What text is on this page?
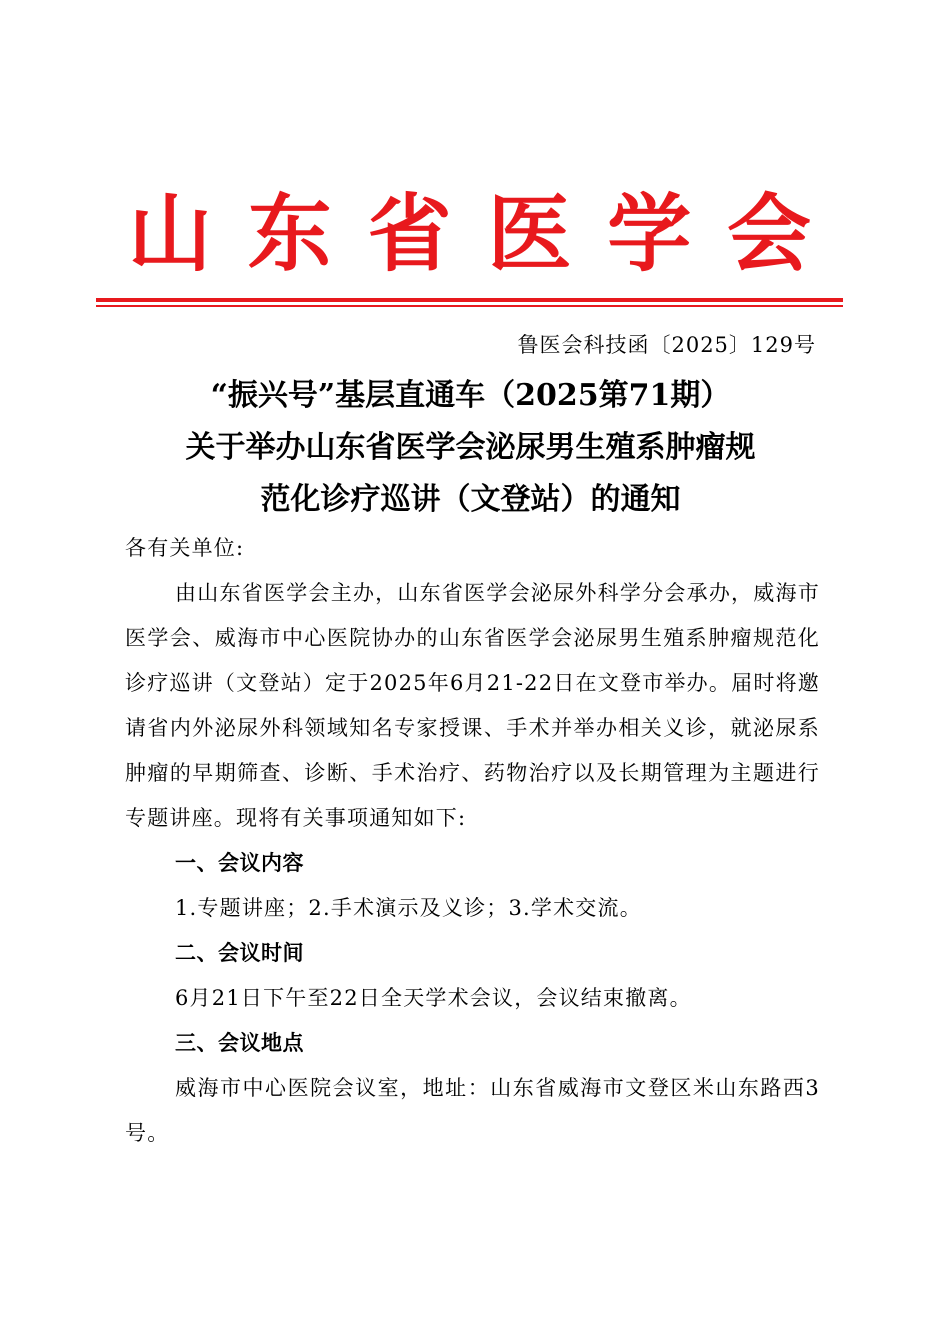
山 东 省 医 学 会
鲁医会科技函〔2025〕129号
“振兴号”基层直通车（2025第71期）
关于举办山东省医学会泌尿男生殖系肿瘤规
范化诊疗巡讲（文登站）的通知

各有关单位:

由山东省医学会主办，山东省医学会泌尿外科学分会承办，威海市医学会、威海市中心医院协办的山东省医学会泌尿男生殖系肿瘤规范化诊疗巡讲（文登站）定于2025年6月21-22日在文登市举办。届时将邀请省内外泌尿外科领域知名专家授课、手术并举办相关义诊，就泌尿系肿瘤的早期筛查、诊断、手术治疗、药物治疗以及长期管理为主题进行专题讲座。现将有关事项通知如下:

一、会议内容

1.专题讲座；2.手术演示及义诊；3.学术交流。

二、会议时间

6月21日下午至22日全天学术会议，会议结束撤离。

三、会议地点

威海市中心医院会议室，地址：山东省威海市文登区米山东路西3号。
